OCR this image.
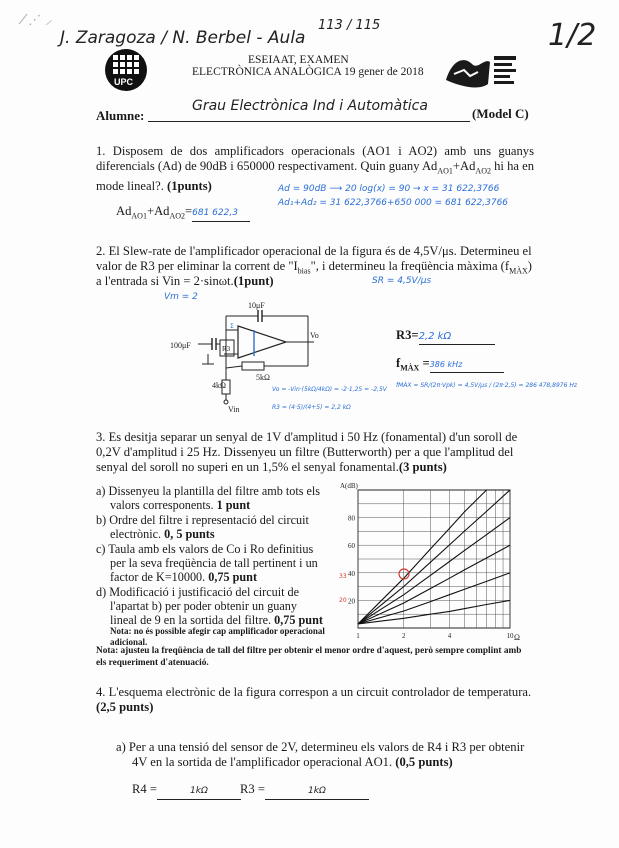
⁄ ⋰ ⸝
J. Zaragoza / N. Berbel - Aula
113 / 115	1/2
UPC
ESEIAAT, EXAMEN
ELECTRÒNICA ANALÒGICA 19 gener de 2018
Alumne:
Grau Electrònica Ind i Automàtica	(Model C)
1. Disposem de dos amplificadors operacionals (AO1 i AO2) amb uns guanys diferencials (Ad) de 90dB i 650000 respectivament. Quin guany $Ad_{AO1}+Ad_{AO2}$ hi ha en mode lineal?. (1punts)	Ad = 90dB ⟶ 20 log(x) = 90 → x = 31 622,3766
Ad₁+Ad₂ = 31 622,3766+650 000 = 681 622,3766
$Ad_{AO1}+Ad_{AO2}=681$ 622,3
2. El Slew-rate de l'amplificador operacional de la figura és de 4,5V/μs. Determineu el
valor de R3 per eliminar la corrent de "$I_{bias}$", i determineu la freqüència màxima $(f_{MÀX})$
a l'entrada si Vin = 2·sinωt.(1punt)	SR = 4,5V/μs
Vm = 2
Σ
10μF
100μF	R3
5kΩ
4kΩ
Vin
Vo	R3=2,2 kΩ
$f_{MÀX} =386$ kHz
Vo = -Vin·(5kΩ/4kΩ) = -2·1,25 = -2,5V
fMÀX = SR/(2π·Vpk) = 4,5V/μs / (2π·2,5) = 286 478,8976 Hz
R3 = (4·5)/(4+5) = 2,2 kΩ
3. Es desitja separar un senyal de 1V d'amplitud i 50 Hz (fonamental) d'un soroll de
0,2V d'amplitud i 25 Hz. Dissenyeu un filtre (Butterworth) per a que l'amplitud del
senyal del soroll no superi en un 1,5% el senyal fonamental.(3 punts)
a) Dissenyeu la plantilla del filtre amb tots els
valors corresponents. 1 punt
b) Ordre del filtre i representació del circuit
electrònic. 0, 5 punts
c) Taula amb els valors de Co i Ro definitius
per la seva freqüència de tall pertinent i un
factor de K=10000. 0,75 punt
d) Modificació i justificació del circuit de
l'apartat b) per poder obtenir un guany
lineal de 9 en la sortida del filtre. 0,75 punt
Nota: no és possible afegir cap amplificador operacional adicional.
20
40
60
80
1	2	4	10
A(dB)
Ω
33
20
Nota: ajusteu la freqüència de tall del filtre per obtenir el menor ordre d'aquest, però sempre complint amb els requeriment d'atenuació.
4. L'esquema electrònic de la figura correspon a un circuit controlador de temperatura.
(2,5 punts)
a) Per a una tensió del sensor de 2V, determineu els valors de R4 i R3 per obtenir
4V en la sortida de l'amplificador operacional AO1. (0,5 punts)
R4 =	1kΩ	R3 =	1kΩ
